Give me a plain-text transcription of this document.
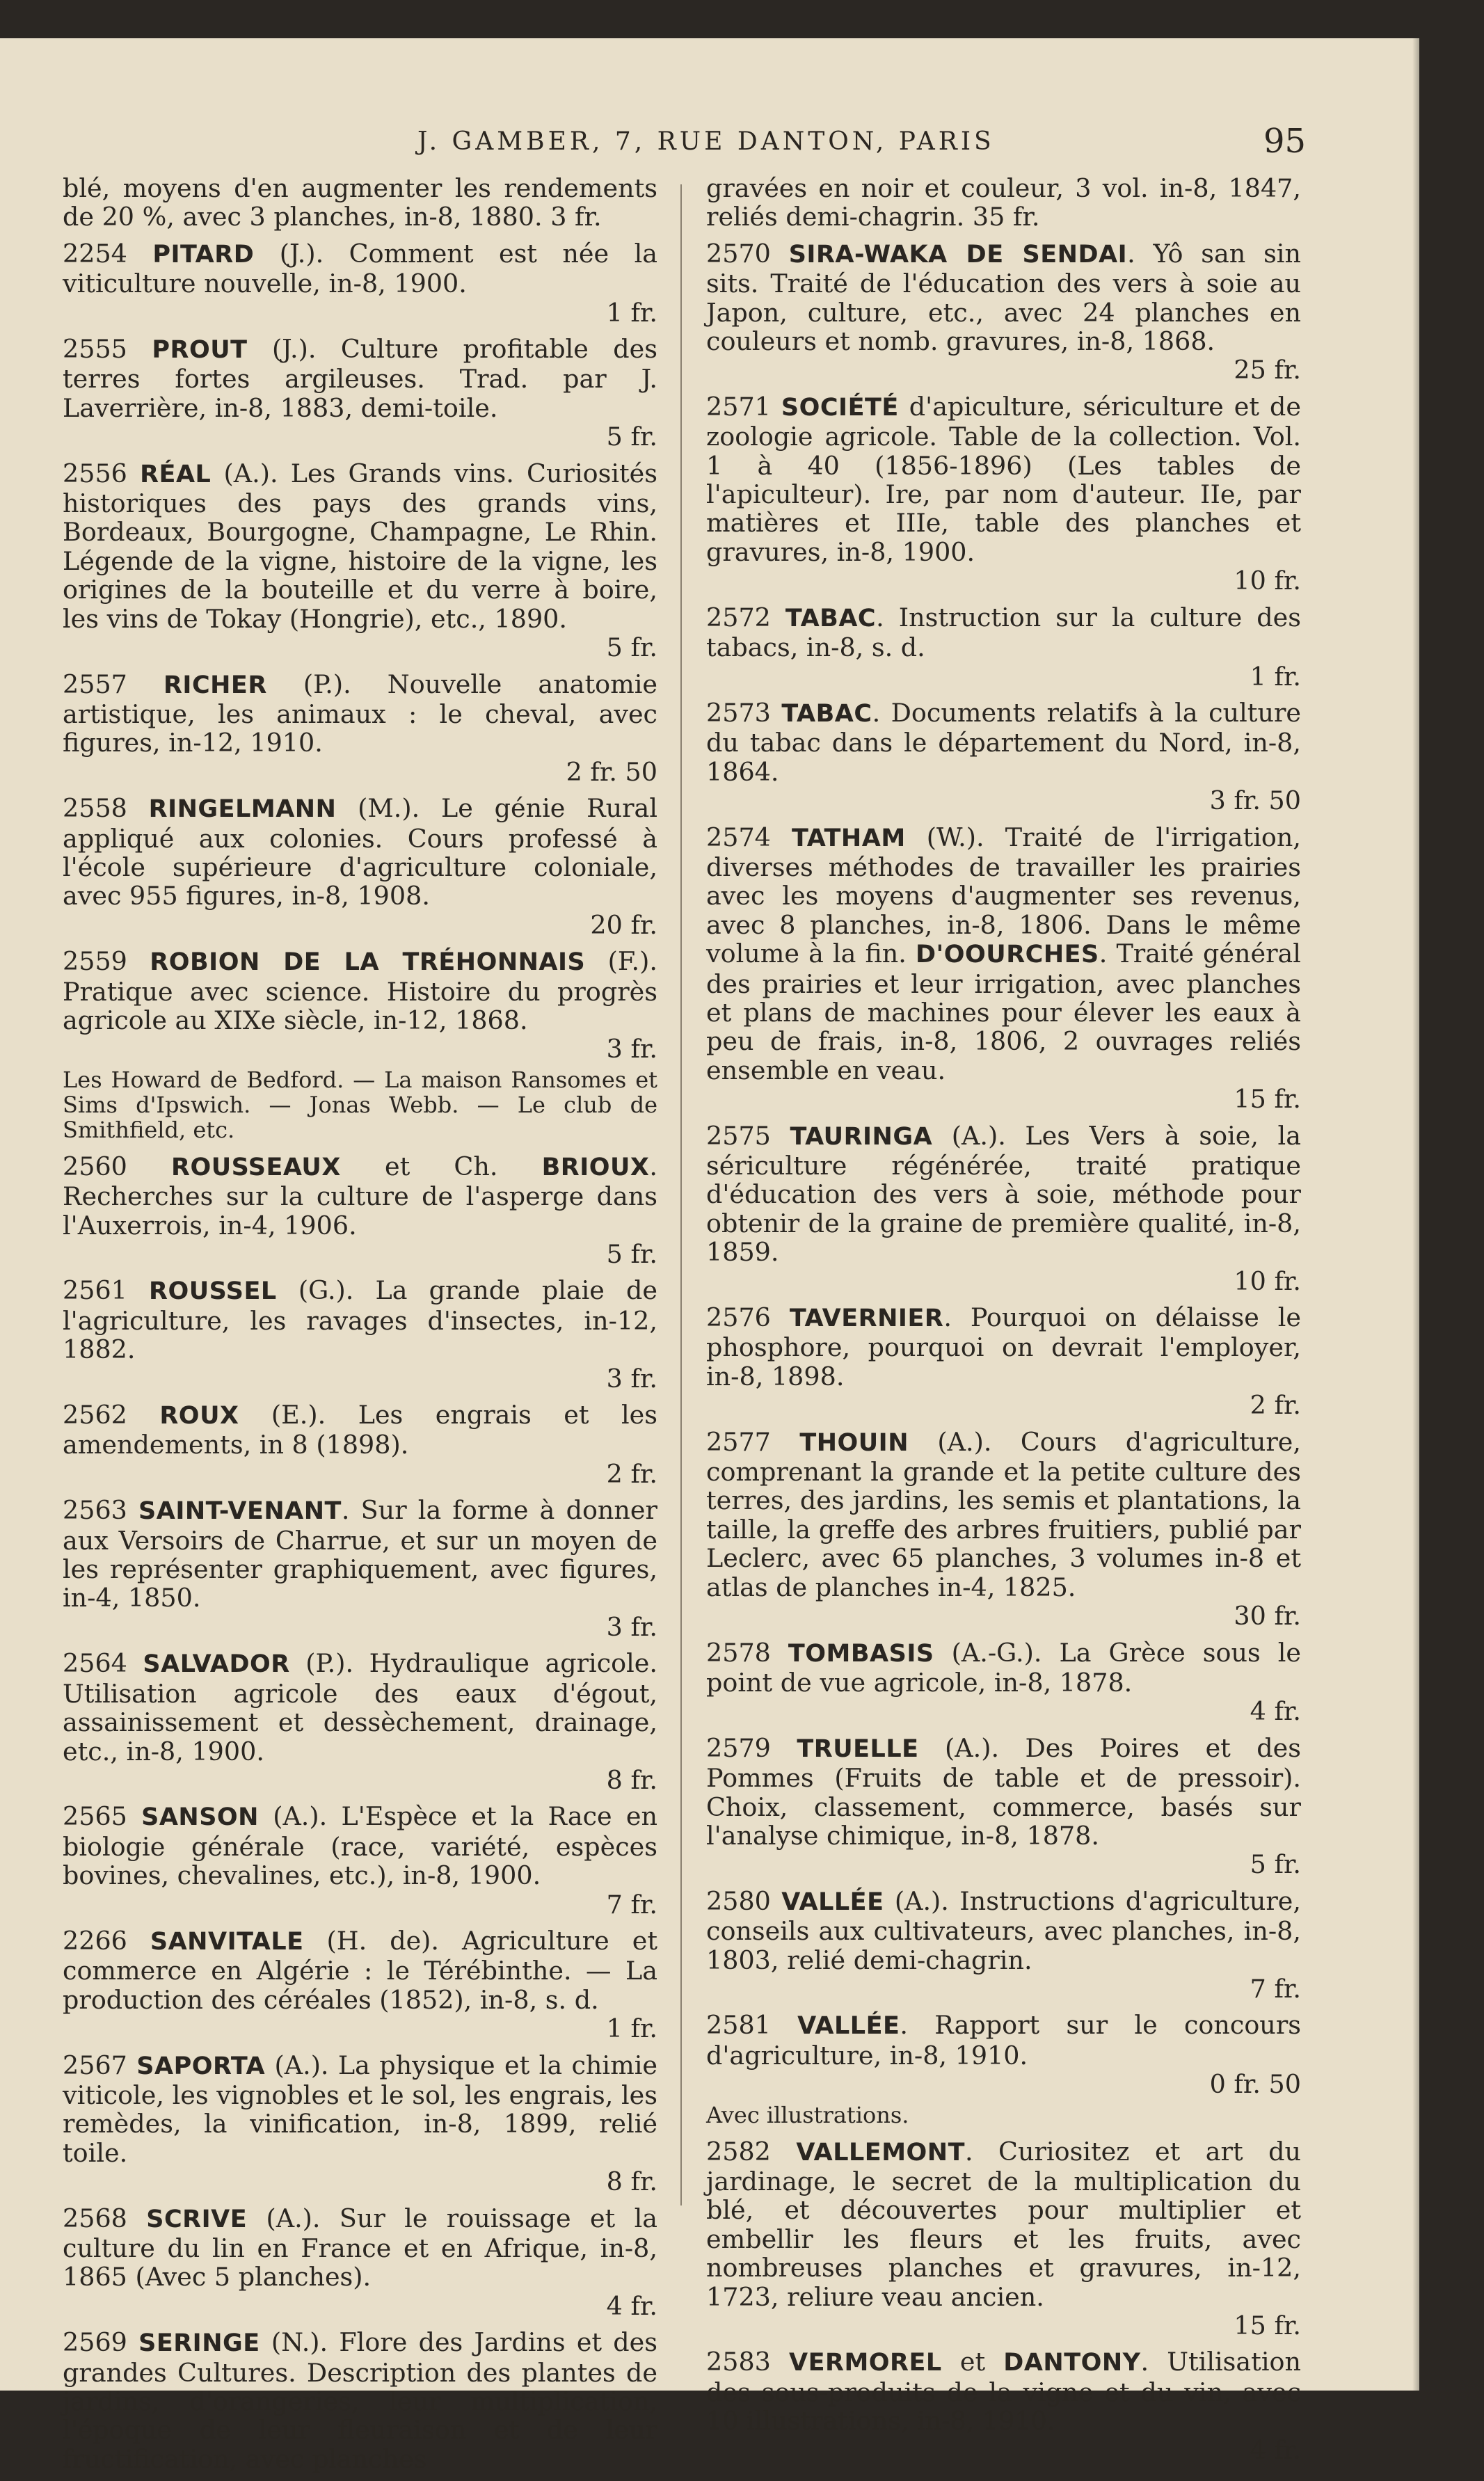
J. GAMBER, 7, RUE DANTON, PARIS	95
blé, moyens d'en augmenter les rendements de 20 %, avec 3 planches, in-8, 1880. 3 fr.
2254 PITARD (J.). Comment est née la viticulture nouvelle, in-8, 1900.
1 fr.
2555 PROUT (J.). Culture profitable des terres fortes argileuses. Trad. par J. Laverrière, in-8, 1883, demi-toile.
5 fr.
2556 RÉAL (A.). Les Grands vins. Curiosités historiques des pays des grands vins, Bordeaux, Bourgogne, Champagne, Le Rhin. Légende de la vigne, histoire de la vigne, les origines de la bouteille et du verre à boire, les vins de Tokay (Hongrie), etc., 1890.
5 fr.
2557 RICHER (P.). Nouvelle anatomie artistique, les animaux : le cheval, avec figures, in-12, 1910.
2 fr. 50
2558 RINGELMANN (M.). Le génie Rural appliqué aux colonies. Cours professé à l'école supérieure d'agriculture coloniale, avec 955 figures, in-8, 1908.
20 fr.
2559 ROBION DE LA TRÉHONNAIS (F.). Pratique avec science. Histoire du progrès agricole au XIXe siècle, in-12, 1868.
3 fr.
Les Howard de Bedford. — La maison Ransomes et Sims d'Ipswich. — Jonas Webb. — Le club de Smithfield, etc.
2560 ROUSSEAUX et Ch. BRIOUX. Recherches sur la culture de l'asperge dans l'Auxerrois, in-4, 1906.
5 fr.
2561 ROUSSEL (G.). La grande plaie de l'agriculture, les ravages d'insectes, in-12, 1882.
3 fr.
2562 ROUX (E.). Les engrais et les amendements, in 8 (1898).
2 fr.
2563 SAINT-VENANT. Sur la forme à donner aux Versoirs de Charrue, et sur un moyen de les représenter graphiquement, avec figures, in-4, 1850.
3 fr.
2564 SALVADOR (P.). Hydraulique agricole. Utilisation agricole des eaux d'égout, assainissement et dessèchement, drainage, etc., in-8, 1900.
8 fr.
2565 SANSON (A.). L'Espèce et la Race en biologie générale (race, variété, espèces bovines, chevalines, etc.), in-8, 1900.
7 fr.
2266 SANVITALE (H. de). Agriculture et commerce en Algérie : le Térébinthe. — La production des céréales (1852), in-8, s. d.
1 fr.
2567 SAPORTA (A.). La physique et la chimie viticole, les vignobles et le sol, les engrais, les remèdes, la vinification, in-8, 1899, relié toile.
8 fr.
2568 SCRIVE (A.). Sur le rouissage et la culture du lin en France et en Afrique, in-8, 1865 (Avec 5 planches).
4 fr.
2569 SERINGE (N.). Flore des Jardins et des grandes Cultures. Description des plantes de jardins, d'orangeries, leur multiplication, l'époque de leur fleuraison et de leur fructification, avec planches
gravées en noir et couleur, 3 vol. in-8, 1847, reliés demi-chagrin. 35 fr.
2570 SIRA-WAKA DE SENDAI. Yô san sin sits. Traité de l'éducation des vers à soie au Japon, culture, etc., avec 24 planches en couleurs et nomb. gravures, in-8, 1868.
25 fr.
2571 SOCIÉTÉ d'apiculture, sériculture et de zoologie agricole. Table de la collection. Vol. 1 à 40 (1856-1896) (Les tables de l'apiculteur). Ire, par nom d'auteur. IIe, par matières et IIIe, table des planches et gravures, in-8, 1900.
10 fr.
2572 TABAC. Instruction sur la culture des tabacs, in-8, s. d.
1 fr.
2573 TABAC. Documents relatifs à la culture du tabac dans le département du Nord, in-8, 1864.
3 fr. 50
2574 TATHAM (W.). Traité de l'irrigation, diverses méthodes de travailler les prairies avec les moyens d'augmenter ses revenus, avec 8 planches, in-8, 1806. Dans le même volume à la fin. D'OOURCHES. Traité général des prairies et leur irrigation, avec planches et plans de machines pour élever les eaux à peu de frais, in-8, 1806, 2 ouvrages reliés ensemble en veau.
15 fr.
2575 TAURINGA (A.). Les Vers à soie, la sériculture régénérée, traité pratique d'éducation des vers à soie, méthode pour obtenir de la graine de première qualité, in-8, 1859.
10 fr.
2576 TAVERNIER. Pourquoi on délaisse le phosphore, pourquoi on devrait l'employer, in-8, 1898.
2 fr.
2577 THOUIN (A.). Cours d'agriculture, comprenant la grande et la petite culture des terres, des jardins, les semis et plantations, la taille, la greffe des arbres fruitiers, publié par Leclerc, avec 65 planches, 3 volumes in-8 et atlas de planches in-4, 1825.
30 fr.
2578 TOMBASIS (A.-G.). La Grèce sous le point de vue agricole, in-8, 1878.
4 fr.
2579 TRUELLE (A.). Des Poires et des Pommes (Fruits de table et de pressoir). Choix, classement, commerce, basés sur l'analyse chimique, in-8, 1878.
5 fr.
2580 VALLÉE (A.). Instructions d'agriculture, conseils aux cultivateurs, avec planches, in-8, 1803, relié demi-chagrin.
7 fr.
2581 VALLÉE. Rapport sur le concours d'agriculture, in-8, 1910.
0 fr. 50
Avec illustrations.
2582 VALLEMONT. Curiositez et art du jardinage, le secret de la multiplication du blé, et découvertes pour multiplier et embellir les fleurs et les fruits, avec nombreuses planches et gravures, in-12, 1723, reliure veau ancien.
15 fr.
2583 VERMOREL et DANTONY. Utilisation des sous-produits de la vigne et du vin, avec 10 illustrations, in-8, 1910.
4 fr.
